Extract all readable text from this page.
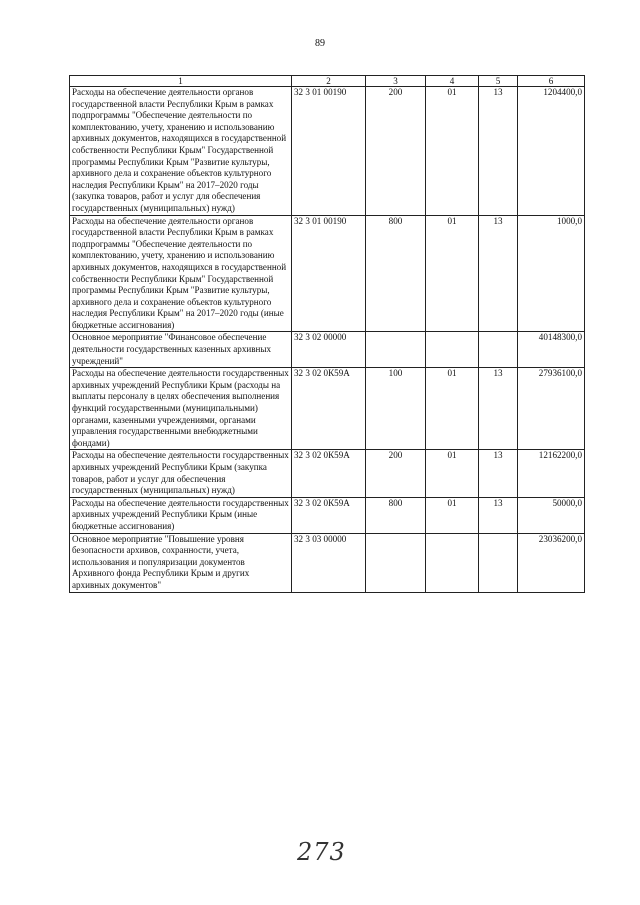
89
1	2	3	4	5	6
Расходы на обеспечение деятельности органов государственной власти Республики Крым в рамках подпрограммы "Обеспечение деятельности по комплектованию, учету, хранению и использованию архивных документов, находящихся в государственной собственности Республики Крым" Государственной программы Республики Крым "Развитие культуры, архивного дела и сохранение объектов культурного наследия Республики Крым" на 2017–2020 годы (закупка товаров, работ и услуг для обеспечения государственных (муниципальных) нужд)	32 3 01 00190	200	01	13	1204400,0
Расходы на обеспечение деятельности органов государственной власти Республики Крым в рамках подпрограммы "Обеспечение деятельности по комплектованию, учету, хранению и использованию архивных документов, находящихся в государственной собственности Республики Крым" Государственной программы Республики Крым "Развитие культуры, архивного дела и сохранение объектов культурного наследия Республики Крым" на 2017–2020 годы (иные бюджетные ассигнования)	32 3 01 00190	800	01	13	1000,0
Основное мероприятие "Финансовое обеспечение деятельности государственных казенных архивных учреждений"	32 3 02 00000				40148300,0
Расходы на обеспечение деятельности государственных архивных учреждений Республики Крым (расходы на выплаты персоналу в целях обеспечения выполнения функций государственными (муниципальными) органами, казенными учреждениями, органами управления государственными внебюджетными фондами)	32 3 02 0К59А	100	01	13	27936100,0
Расходы на обеспечение деятельности государственных архивных учреждений Республики Крым (закупка товаров, работ и услуг для обеспечения государственных (муниципальных) нужд)	32 3 02 0К59А	200	01	13	12162200,0
Расходы на обеспечение деятельности государственных архивных учреждений Республики Крым (иные бюджетные ассигнования)	32 3 02 0К59А	800	01	13	50000,0
Основное мероприятие "Повышение уровня безопасности архивов, сохранности, учета, использования и популяризации документов Архивного фонда Республики Крым и других архивных документов"	32 3 03 00000				23036200,0
273
